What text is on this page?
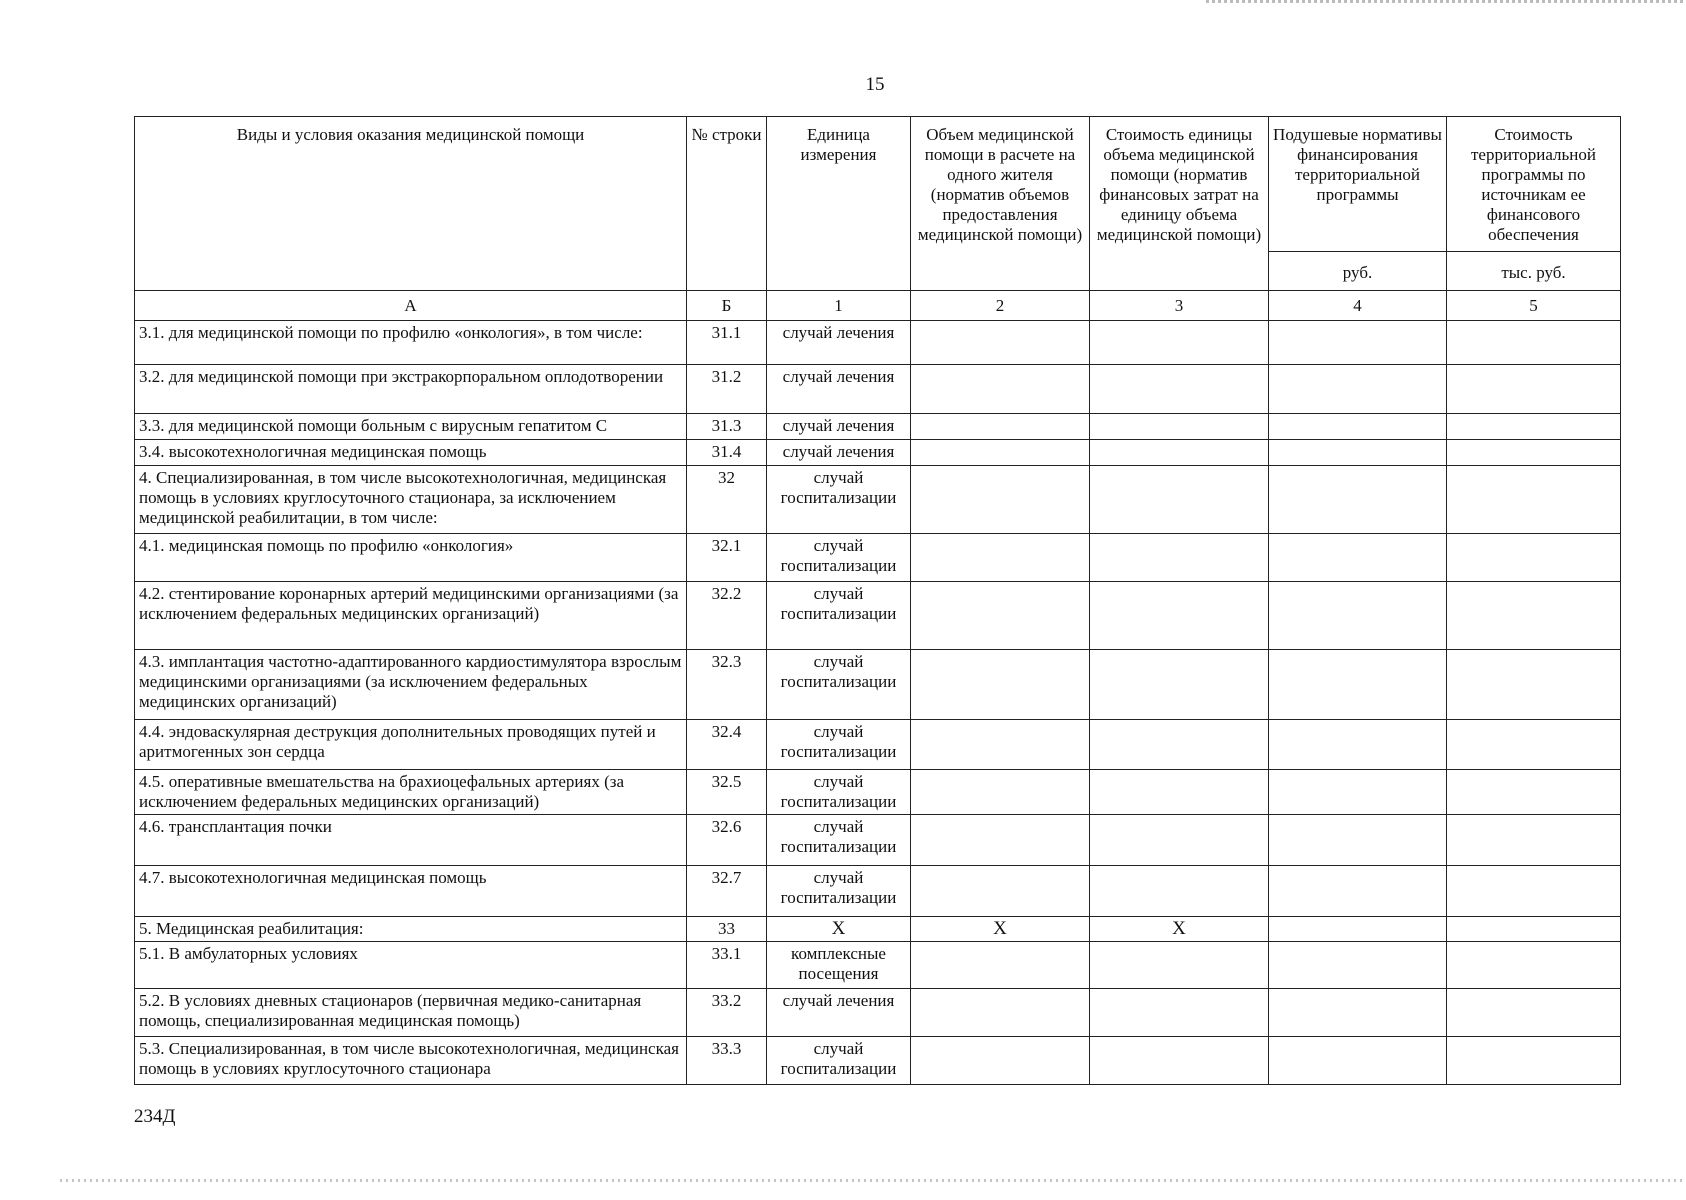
15
Виды и условия оказания медицинской помощи	№ строки	Единица измерения	Объем медицинской помощи в расчете на одного жителя (норматив объемов предоставления медицинской помощи)	Стоимость единицы объема медицинской помощи (норматив финансовых затрат на единицу объема медицинской помощи)	Подушевые нормативы финансирования территориальной программы	Стоимость территориальной программы по источникам ее финансового обеспечения
					руб.	тыс. руб.
А	Б	1	2	3	4	5
3.1. для медицинской помощи по профилю «онкология», в том числе:	31.1	случай лечения				
3.2. для медицинской помощи при экстракорпоральном оплодотворении	31.2	случай лечения				
3.3. для медицинской помощи больным с вирусным гепатитом С	31.3	случай лечения				
3.4. высокотехнологичная медицинская помощь	31.4	случай лечения				
4. Специализированная, в том числе высокотехнологичная, медицинская помощь в условиях круглосуточного стационара, за исключением медицинской реабилитации, в том числе:	32	случай госпитализации				
4.1. медицинская помощь по профилю «онкология»	32.1	случай госпитализации				
4.2. стентирование коронарных артерий медицинскими организациями (за исключением федеральных медицинских организаций)	32.2	случай госпитализации				
4.3. имплантация частотно-адаптированного кардиостимулятора взрослым медицинскими организациями (за исключением федеральных медицинских организаций)	32.3	случай госпитализации				
4.4. эндоваскулярная деструкция дополнительных проводящих путей и аритмогенных зон сердца	32.4	случай госпитализации				
4.5. оперативные вмешательства на брахиоцефальных артериях (за исключением федеральных медицинских организаций)	32.5	случай госпитализации				
4.6. трансплантация почки	32.6	случай госпитализации				
4.7. высокотехнологичная медицинская помощь	32.7	случай госпитализации				
5. Медицинская реабилитация:	33	Х	Х	Х		
5.1. В амбулаторных условиях	33.1	комплексные посещения				
5.2. В условиях дневных стационаров (первичная медико-санитарная помощь, специализированная медицинская помощь)	33.2	случай лечения				
5.3. Специализированная, в том числе высокотехнологичная, медицинская помощь в условиях круглосуточного стационара	33.3	случай госпитализации				
234Д
